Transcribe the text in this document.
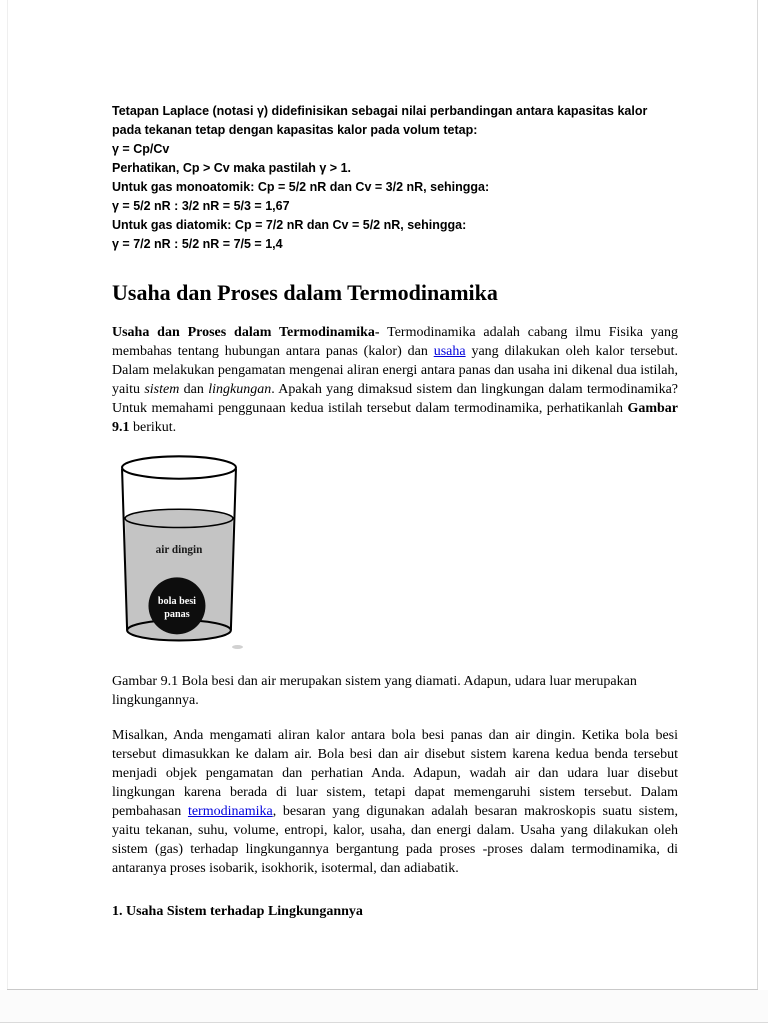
Tetapan Laplace (notasi γ) didefinisikan sebagai nilai perbandingan antara kapasitas kalor pada tekanan tetap dengan kapasitas kalor pada volum tetap:

γ = Cp/Cv

Perhatikan, Cp > Cv maka pastilah γ > 1.

Untuk gas monoatomik: Cp = 5/2 nR dan Cv = 3/2 nR, sehingga:

γ = 5/2 nR : 3/2 nR = 5/3 = 1,67

Untuk gas diatomik: Cp = 7/2 nR dan Cv = 5/2 nR, sehingga:

γ = 7/2 nR : 5/2 nR = 7/5 = 1,4

Usaha dan Proses dalam Termodinamika

Usaha dan Proses dalam Termodinamika- Termodinamika adalah cabang ilmu Fisika yang membahas tentang hubungan antara panas (kalor) dan usaha yang dilakukan oleh kalor tersebut. Dalam melakukan pengamatan mengenai aliran energi antara panas dan usaha ini dikenal dua istilah, yaitu sistem dan lingkungan. Apakah yang dimaksud sistem dan lingkungan dalam termodinamika? Untuk memahami penggunaan kedua istilah tersebut dalam termodinamika, perhatikanlah Gambar 9.1 berikut.

air dingin
bola besi
panas

Gambar 9.1 Bola besi dan air merupakan sistem yang diamati. Adapun, udara luar merupakan lingkungannya.

Misalkan, Anda mengamati aliran kalor antara bola besi panas dan air dingin. Ketika bola besi tersebut dimasukkan ke dalam air. Bola besi dan air disebut sistem karena kedua benda tersebut menjadi objek pengamatan dan perhatian Anda. Adapun, wadah air dan udara luar disebut lingkungan karena berada di luar sistem, tetapi dapat memengaruhi sistem tersebut. Dalam pembahasan termodinamika, besaran yang digunakan adalah besaran makroskopis suatu sistem, yaitu tekanan, suhu, volume, entropi, kalor, usaha, dan energi dalam. Usaha yang dilakukan oleh sistem (gas) terhadap lingkungannya bergantung pada proses -proses dalam termodinamika, di antaranya proses isobarik, isokhorik, isotermal, dan adiabatik.

1. Usaha Sistem terhadap Lingkungannya
